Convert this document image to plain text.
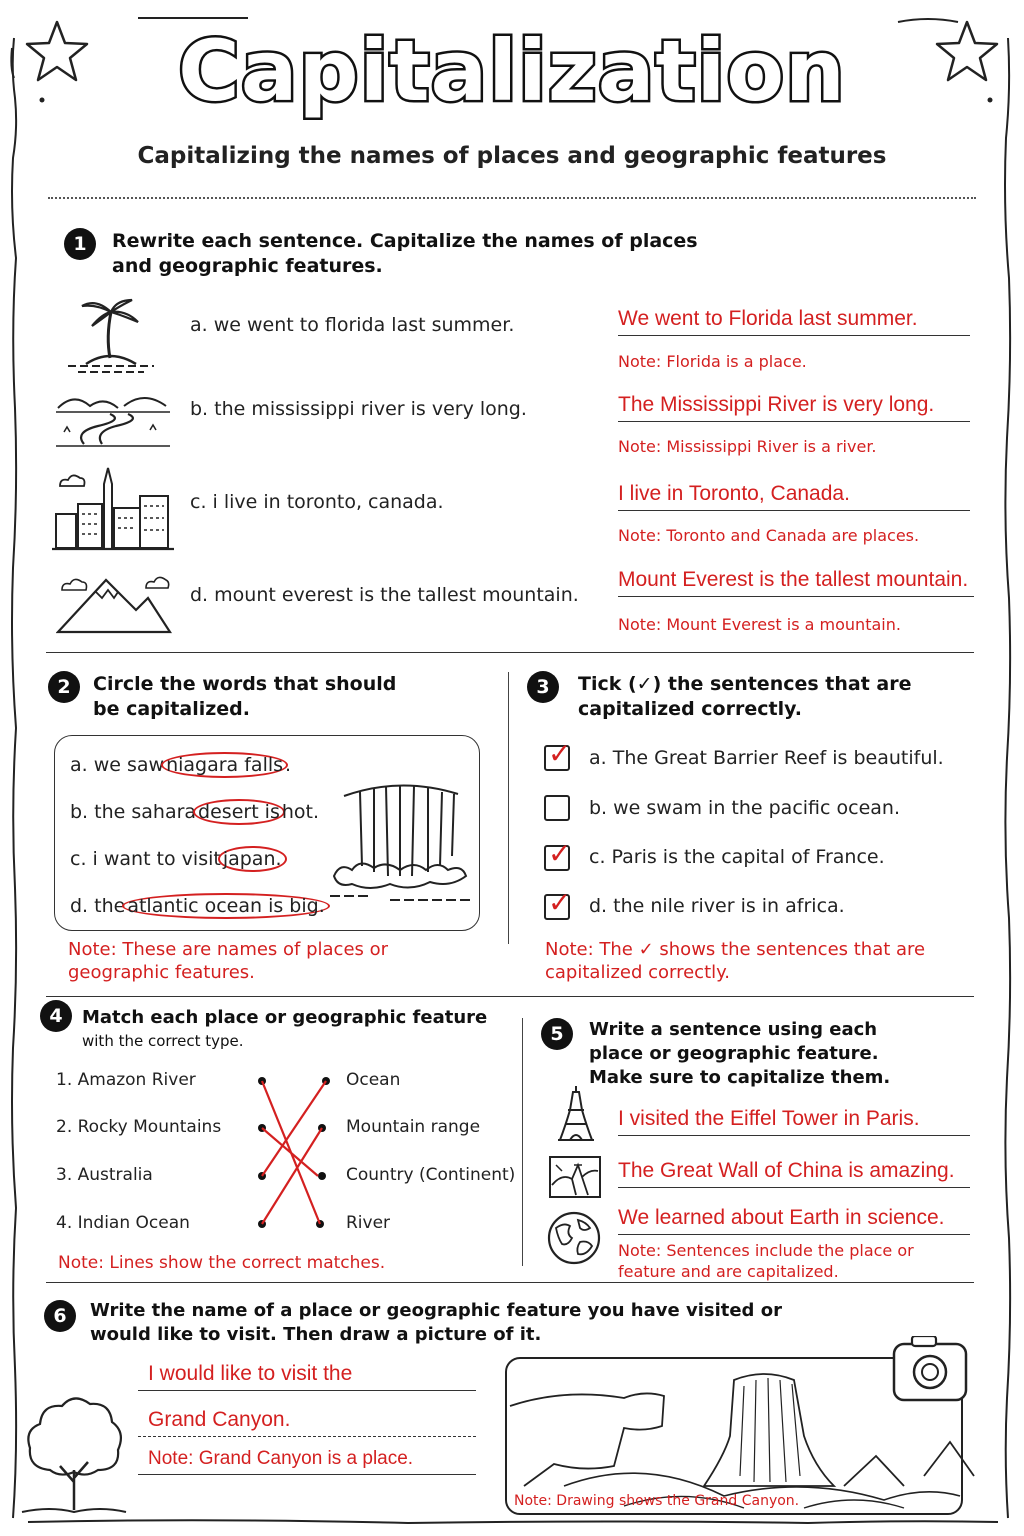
Capitalization
Capitalizing the names of places and geographic features
1	Rewrite each sentence. Capitalize the names of places and geographic features.
a. we went to florida last summer.	We went to Florida last summer.
Note: Florida is a place.
b. the mississippi river is very long.	The Mississippi River is very long.
Note: Mississippi River is a river.
c. i live in toronto, canada.	I live in Toronto, Canada.
Note: Toronto and Canada are places.
d. mount everest is the tallest mountain.
Mount Everest is the tallest mountain.
Note: Mount Everest is a mountain.
2	Circle the words that should
be capitalized.
a. we saw niagara falls .
b. the sahara desert is hot.
c. i want to visit japan.
d. the atlantic ocean is big.
Note: These are names of places or
geographic features.
3	Tick (✓) the sentences that are
capitalized correctly.
✓ a. The Great Barrier Reef is beautiful.
b. we swam in the pacific ocean.
✓ c. Paris is the capital of France.
✓ d. the nile river is in africa.
Note: The ✓ shows the sentences that are
capitalized correctly.
4	Match each place or geographic feature
with the correct type.
1. Amazon River
2. Rocky Mountains
3. Australia
4. Indian Ocean
Ocean
Mountain range
Country (Continent)
River
Note: Lines show the correct matches.
5	Write a sentence using each
place or geographic feature.
Make sure to capitalize them.
I visited the Eiffel Tower in Paris.
The Great Wall of China is amazing.
We learned about Earth in science.
Note: Sentences include the place or
feature and are capitalized.
6	Write the name of a place or geographic feature you have visited or
would like to visit. Then draw a picture of it.
I would like to visit the
Grand Canyon.
Note: Grand Canyon is a place.
Note: Drawing shows the Grand Canyon.
